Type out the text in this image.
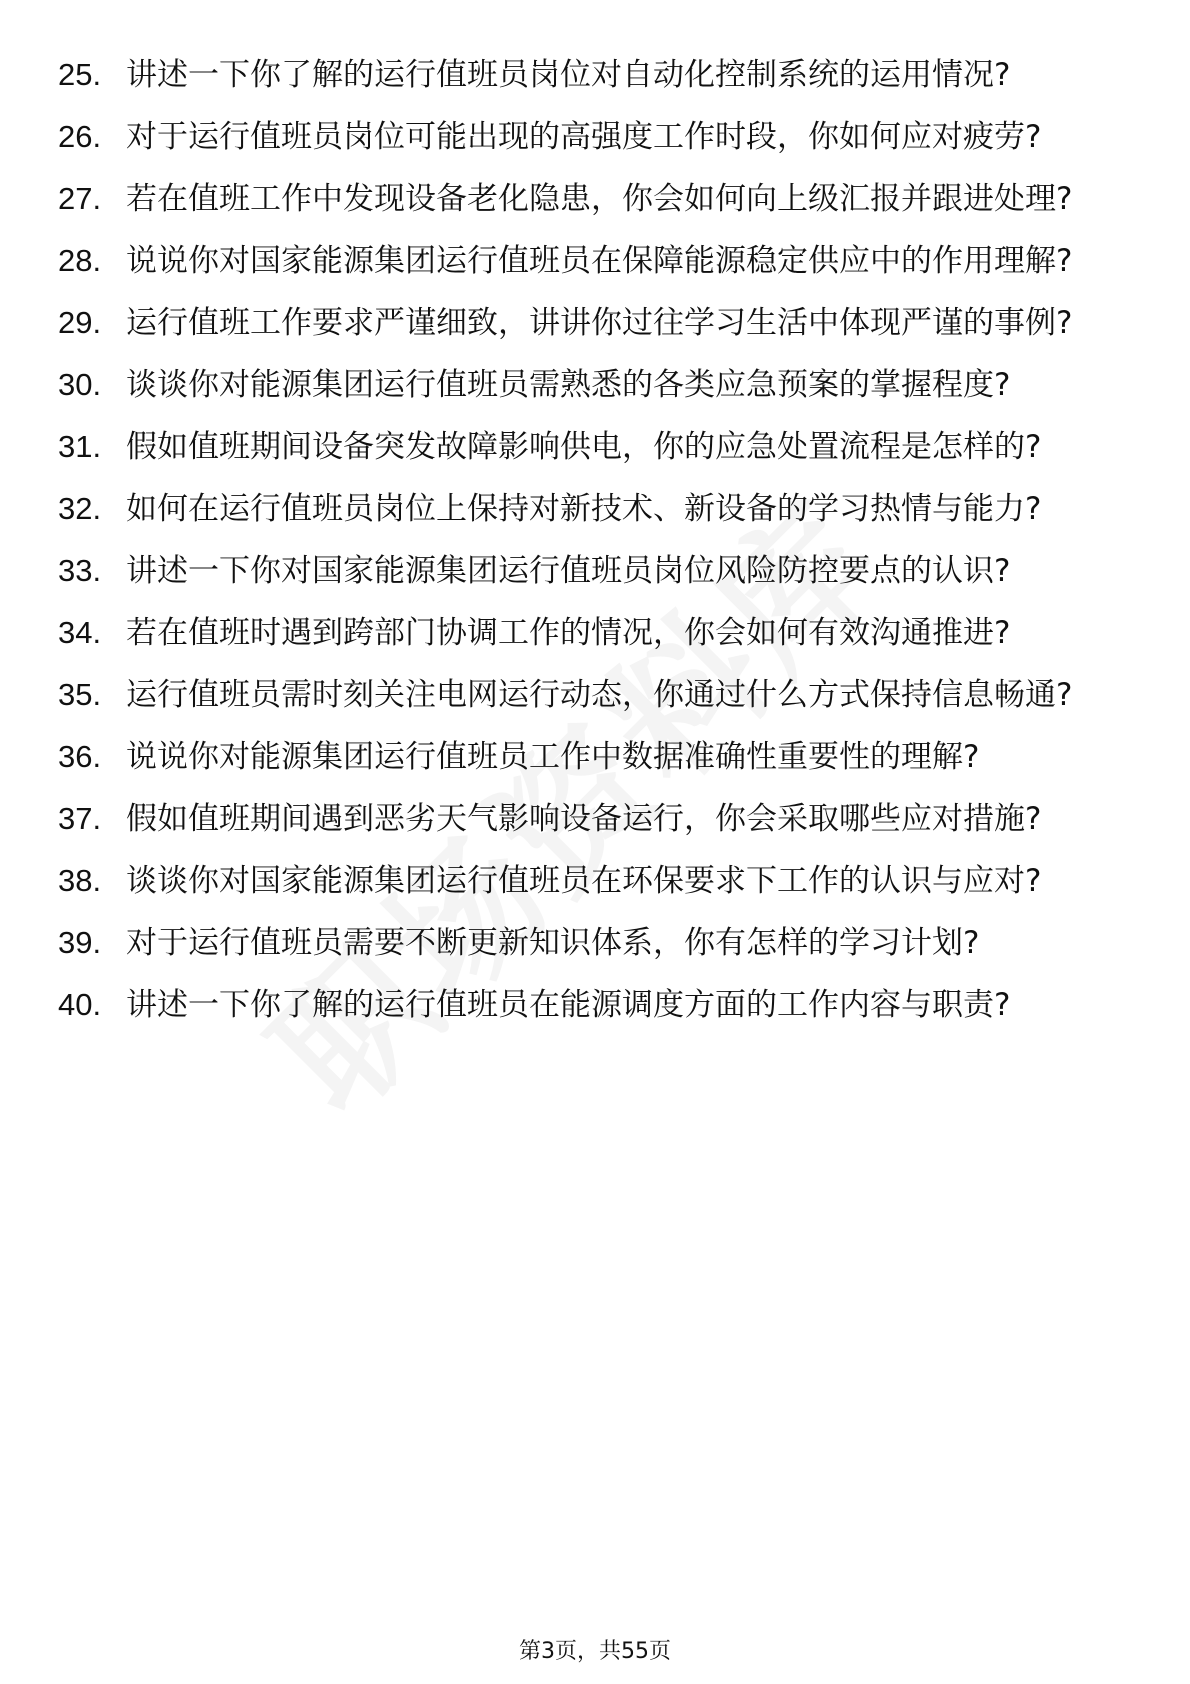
25. 讲述一下你了解的运行值班员岗位对自动化控制系统的运用情况?
26. 对于运行值班员岗位可能出现的高强度工作时段，你如何应对疲劳?
27. 若在值班工作中发现设备老化隐患，你会如何向上级汇报并跟进处理?
28. 说说你对国家能源集团运行值班员在保障能源稳定供应中的作用理解?
29. 运行值班工作要求严谨细致，讲讲你过往学习生活中体现严谨的事例?
30. 谈谈你对能源集团运行值班员需熟悉的各类应急预案的掌握程度?
31. 假如值班期间设备突发故障影响供电，你的应急处置流程是怎样的?
32. 如何在运行值班员岗位上保持对新技术、新设备的学习热情与能力?
33. 讲述一下你对国家能源集团运行值班员岗位风险防控要点的认识?
34. 若在值班时遇到跨部门协调工作的情况，你会如何有效沟通推进?
35. 运行值班员需时刻关注电网运行动态，你通过什么方式保持信息畅通?
36. 说说你对能源集团运行值班员工作中数据准确性重要性的理解?
37. 假如值班期间遇到恶劣天气影响设备运行，你会采取哪些应对措施?
38. 谈谈你对国家能源集团运行值班员在环保要求下工作的认识与应对?
39. 对于运行值班员需要不断更新知识体系，你有怎样的学习计划?
40. 讲述一下你了解的运行值班员在能源调度方面的工作内容与职责?
第3页，共55页
